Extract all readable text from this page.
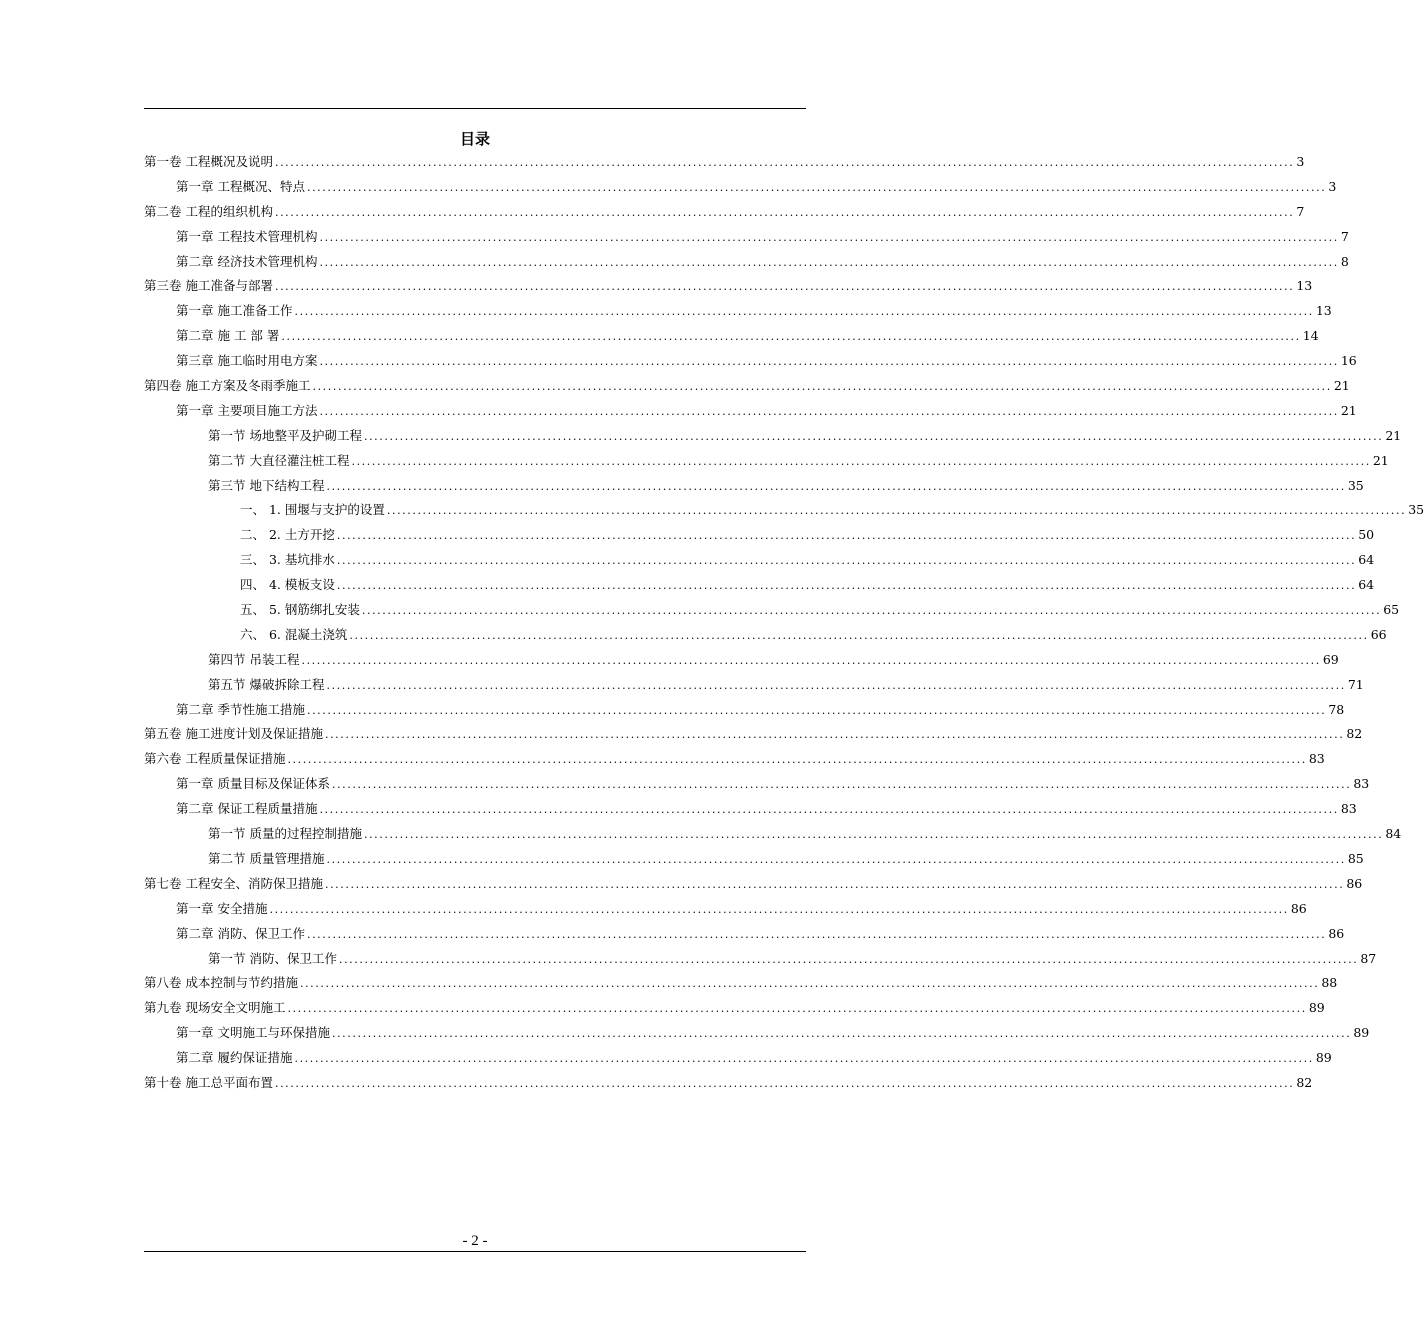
目录
第一卷 工程概况及说明 ........................................................................................................................................................................................................ 3
第一章 工程概况、特点 ........................................................................................................................................................................................................ 3
第二卷 工程的组织机构 ........................................................................................................................................................................................................ 7
第一章 工程技术管理机构 ........................................................................................................................................................................................................ 7
第二章 经济技术管理机构 ........................................................................................................................................................................................................ 8
第三卷 施工准备与部署 ........................................................................................................................................................................................................ 13
第一章 施工准备工作 ........................................................................................................................................................................................................ 13
第二章 施 工 部 署 ........................................................................................................................................................................................................ 14
第三章 施工临时用电方案 ........................................................................................................................................................................................................ 16
第四卷 施工方案及冬雨季施工 ........................................................................................................................................................................................................ 21
第一章 主要项目施工方法 ........................................................................................................................................................................................................ 21
第一节 场地整平及护砌工程 ........................................................................................................................................................................................................ 21
第二节 大直径灌注桩工程 ........................................................................................................................................................................................................ 21
第三节 地下结构工程 ........................................................................................................................................................................................................ 35
一、 1. 围堰与支护的设置 ........................................................................................................................................................................................................ 35
二、 2. 土方开挖 ........................................................................................................................................................................................................ 50
三、 3. 基坑排水 ........................................................................................................................................................................................................ 64
四、 4. 模板支设 ........................................................................................................................................................................................................ 64
五、 5. 钢筋绑扎安装 ........................................................................................................................................................................................................ 65
六、 6. 混凝土浇筑 ........................................................................................................................................................................................................ 66
第四节 吊装工程 ........................................................................................................................................................................................................ 69
第五节 爆破拆除工程 ........................................................................................................................................................................................................ 71
第二章 季节性施工措施 ........................................................................................................................................................................................................ 78
第五卷 施工进度计划及保证措施 ........................................................................................................................................................................................................ 82
第六卷 工程质量保证措施 ........................................................................................................................................................................................................ 83
第一章 质量目标及保证体系 ........................................................................................................................................................................................................ 83
第二章 保证工程质量措施 ........................................................................................................................................................................................................ 83
第一节 质量的过程控制措施 ........................................................................................................................................................................................................ 84
第二节 质量管理措施 ........................................................................................................................................................................................................ 85
第七卷 工程安全、消防保卫措施 ........................................................................................................................................................................................................ 86
第一章 安全措施 ........................................................................................................................................................................................................ 86
第二章 消防、保卫工作 ........................................................................................................................................................................................................ 86
第一节 消防、保卫工作 ........................................................................................................................................................................................................ 87
第八卷 成本控制与节约措施 ........................................................................................................................................................................................................ 88
第九卷 现场安全文明施工 ........................................................................................................................................................................................................ 89
第一章 文明施工与环保措施 ........................................................................................................................................................................................................ 89
第二章 履约保证措施 ........................................................................................................................................................................................................ 89
第十卷 施工总平面布置 ........................................................................................................................................................................................................ 82
- 2 -
